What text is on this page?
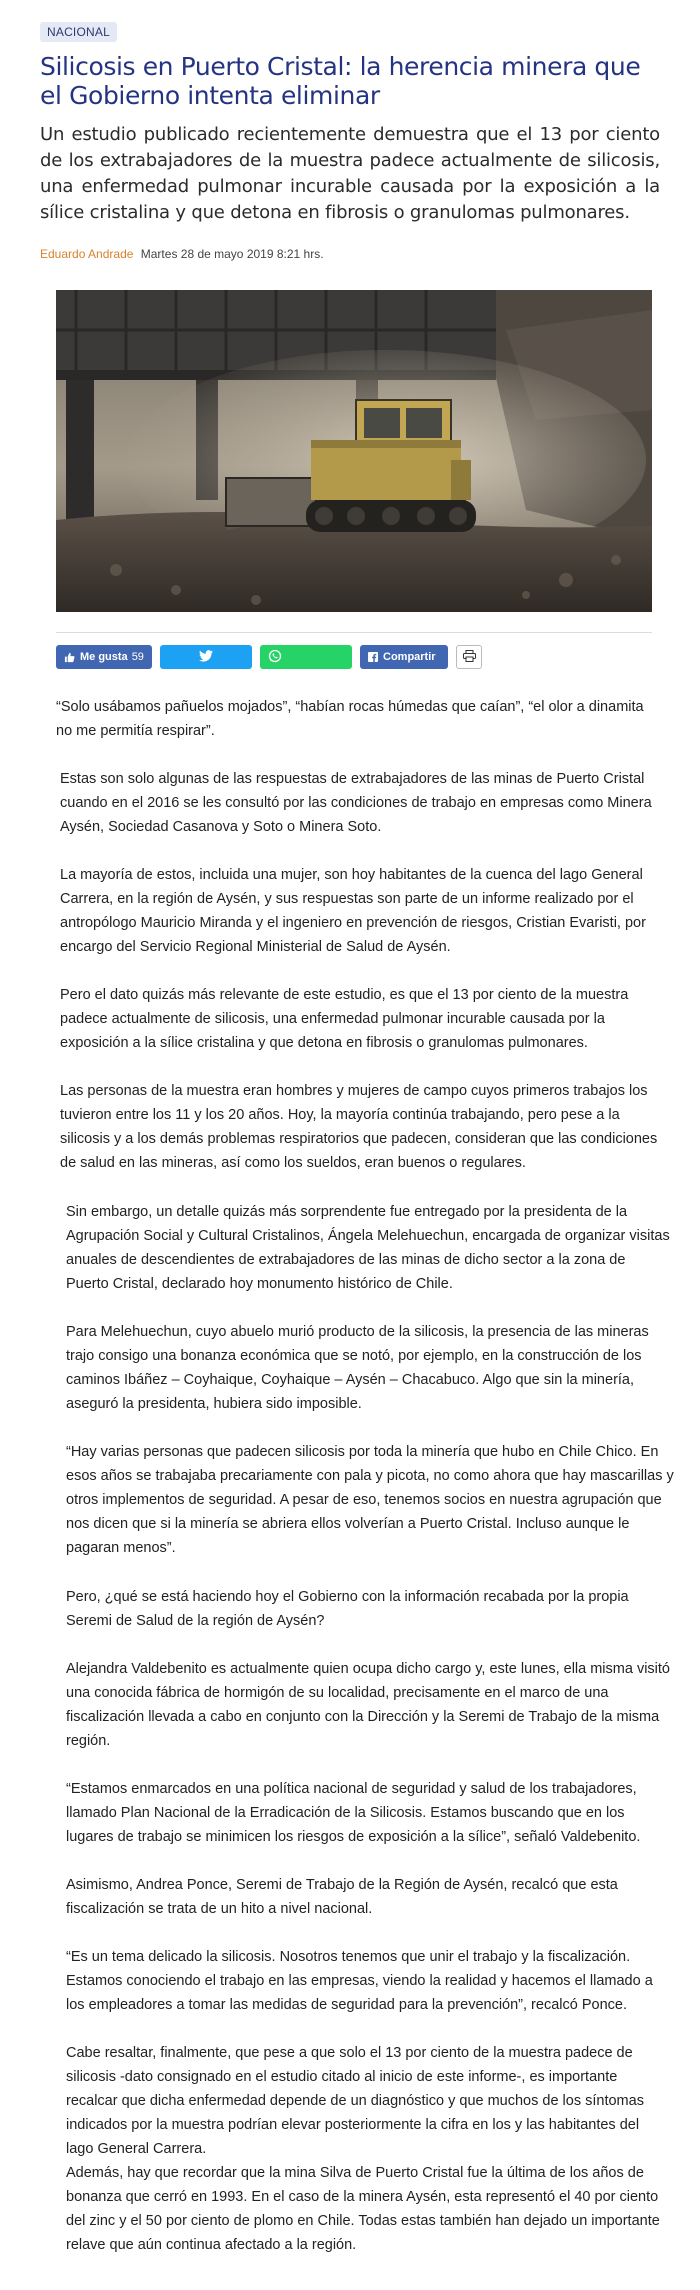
NACIONAL
Silicosis en Puerto Cristal: la herencia minera que el Gobierno intenta eliminar

Un estudio publicado recientemente demuestra que el 13 por ciento de los extrabajadores de la muestra padece actualmente de silicosis, una enfermedad pulmonar incurable causada por la exposición a la sílice cristalina y que detona en fibrosis o granulomas pulmonares.

Eduardo Andrade Martes 28 de mayo 2019 8:21 hrs.
Me gusta 59	Compartir

“Solo usábamos pañuelos mojados”, “habían rocas húmedas que caían”, “el olor a dinamita no me permitía respirar”.

Estas son solo algunas de las respuestas de extrabajadores de las minas de Puerto Cristal cuando en el 2016 se les consultó por las condiciones de trabajo en empresas como Minera Aysén, Sociedad Casanova y Soto o Minera Soto.

La mayoría de estos, incluida una mujer, son hoy habitantes de la cuenca del lago General Carrera, en la región de Aysén, y sus respuestas son parte de un informe realizado por el antropólogo Mauricio Miranda y el ingeniero en prevención de riesgos, Cristian Evaristi, por encargo del Servicio Regional Ministerial de Salud de Aysén.

Pero el dato quizás más relevante de este estudio, es que el 13 por ciento de la muestra padece actualmente de silicosis, una enfermedad pulmonar incurable causada por la exposición a la sílice cristalina y que detona en fibrosis o granulomas pulmonares.

Las personas de la muestra eran hombres y mujeres de campo cuyos primeros trabajos los tuvieron entre los 11 y los 20 años. Hoy, la mayoría continúa trabajando, pero pese a la silicosis y a los demás problemas respiratorios que padecen, consideran que las condiciones de salud en las mineras, así como los sueldos, eran buenos o regulares.

Sin embargo, un detalle quizás más sorprendente fue entregado por la presidenta de la Agrupación Social y Cultural Cristalinos, Ángela Melehuechun, encargada de organizar visitas anuales de descendientes de extrabajadores de las minas de dicho sector a la zona de Puerto Cristal, declarado hoy monumento histórico de Chile.

Para Melehuechun, cuyo abuelo murió producto de la silicosis, la presencia de las mineras trajo consigo una bonanza económica que se notó, por ejemplo, en la construcción de los caminos Ibáñez – Coyhaique, Coyhaique – Aysén – Chacabuco. Algo que sin la minería, aseguró la presidenta, hubiera sido imposible.

“Hay varias personas que padecen silicosis por toda la minería que hubo en Chile Chico. En esos años se trabajaba precariamente con pala y picota, no como ahora que hay mascarillas y otros implementos de seguridad. A pesar de eso, tenemos socios en nuestra agrupación que nos dicen que si la minería se abriera ellos volverían a Puerto Cristal. Incluso aunque le pagaran menos”.

Pero, ¿qué se está haciendo hoy el Gobierno con la información recabada por la propia Seremi de Salud de la región de Aysén?

Alejandra Valdebenito es actualmente quien ocupa dicho cargo y, este lunes, ella misma visitó una conocida fábrica de hormigón de su localidad, precisamente en el marco de una fiscalización llevada a cabo en conjunto con la Dirección y la Seremi de Trabajo de la misma región.

“Estamos enmarcados en una política nacional de seguridad y salud de los trabajadores, llamado Plan Nacional de la Erradicación de la Silicosis. Estamos buscando que en los lugares de trabajo se minimicen los riesgos de exposición a la sílice”, señaló Valdebenito.

Asimismo, Andrea Ponce, Seremi de Trabajo de la Región de Aysén, recalcó que esta fiscalización se trata de un hito a nivel nacional.

“Es un tema delicado la silicosis. Nosotros tenemos que unir el trabajo y la fiscalización. Estamos conociendo el trabajo en las empresas, viendo la realidad y hacemos el llamado a los empleadores a tomar las medidas de seguridad para la prevención”, recalcó Ponce.

Cabe resaltar, finalmente, que pese a que solo el 13 por ciento de la muestra padece de silicosis -dato consignado en el estudio citado al inicio de este informe-, es importante recalcar que dicha enfermedad depende de un diagnóstico y que muchos de los síntomas indicados por la muestra podrían elevar posteriormente la cifra en los y las habitantes del lago General Carrera.

Además, hay que recordar que la mina Silva de Puerto Cristal fue la última de los años de bonanza que cerró en 1993. En el caso de la minera Aysén, esta representó el 40 por ciento del zinc y el 50 por ciento de plomo en Chile. Todas estas también han dejado un importante relave que aún continua afectado a la región.
